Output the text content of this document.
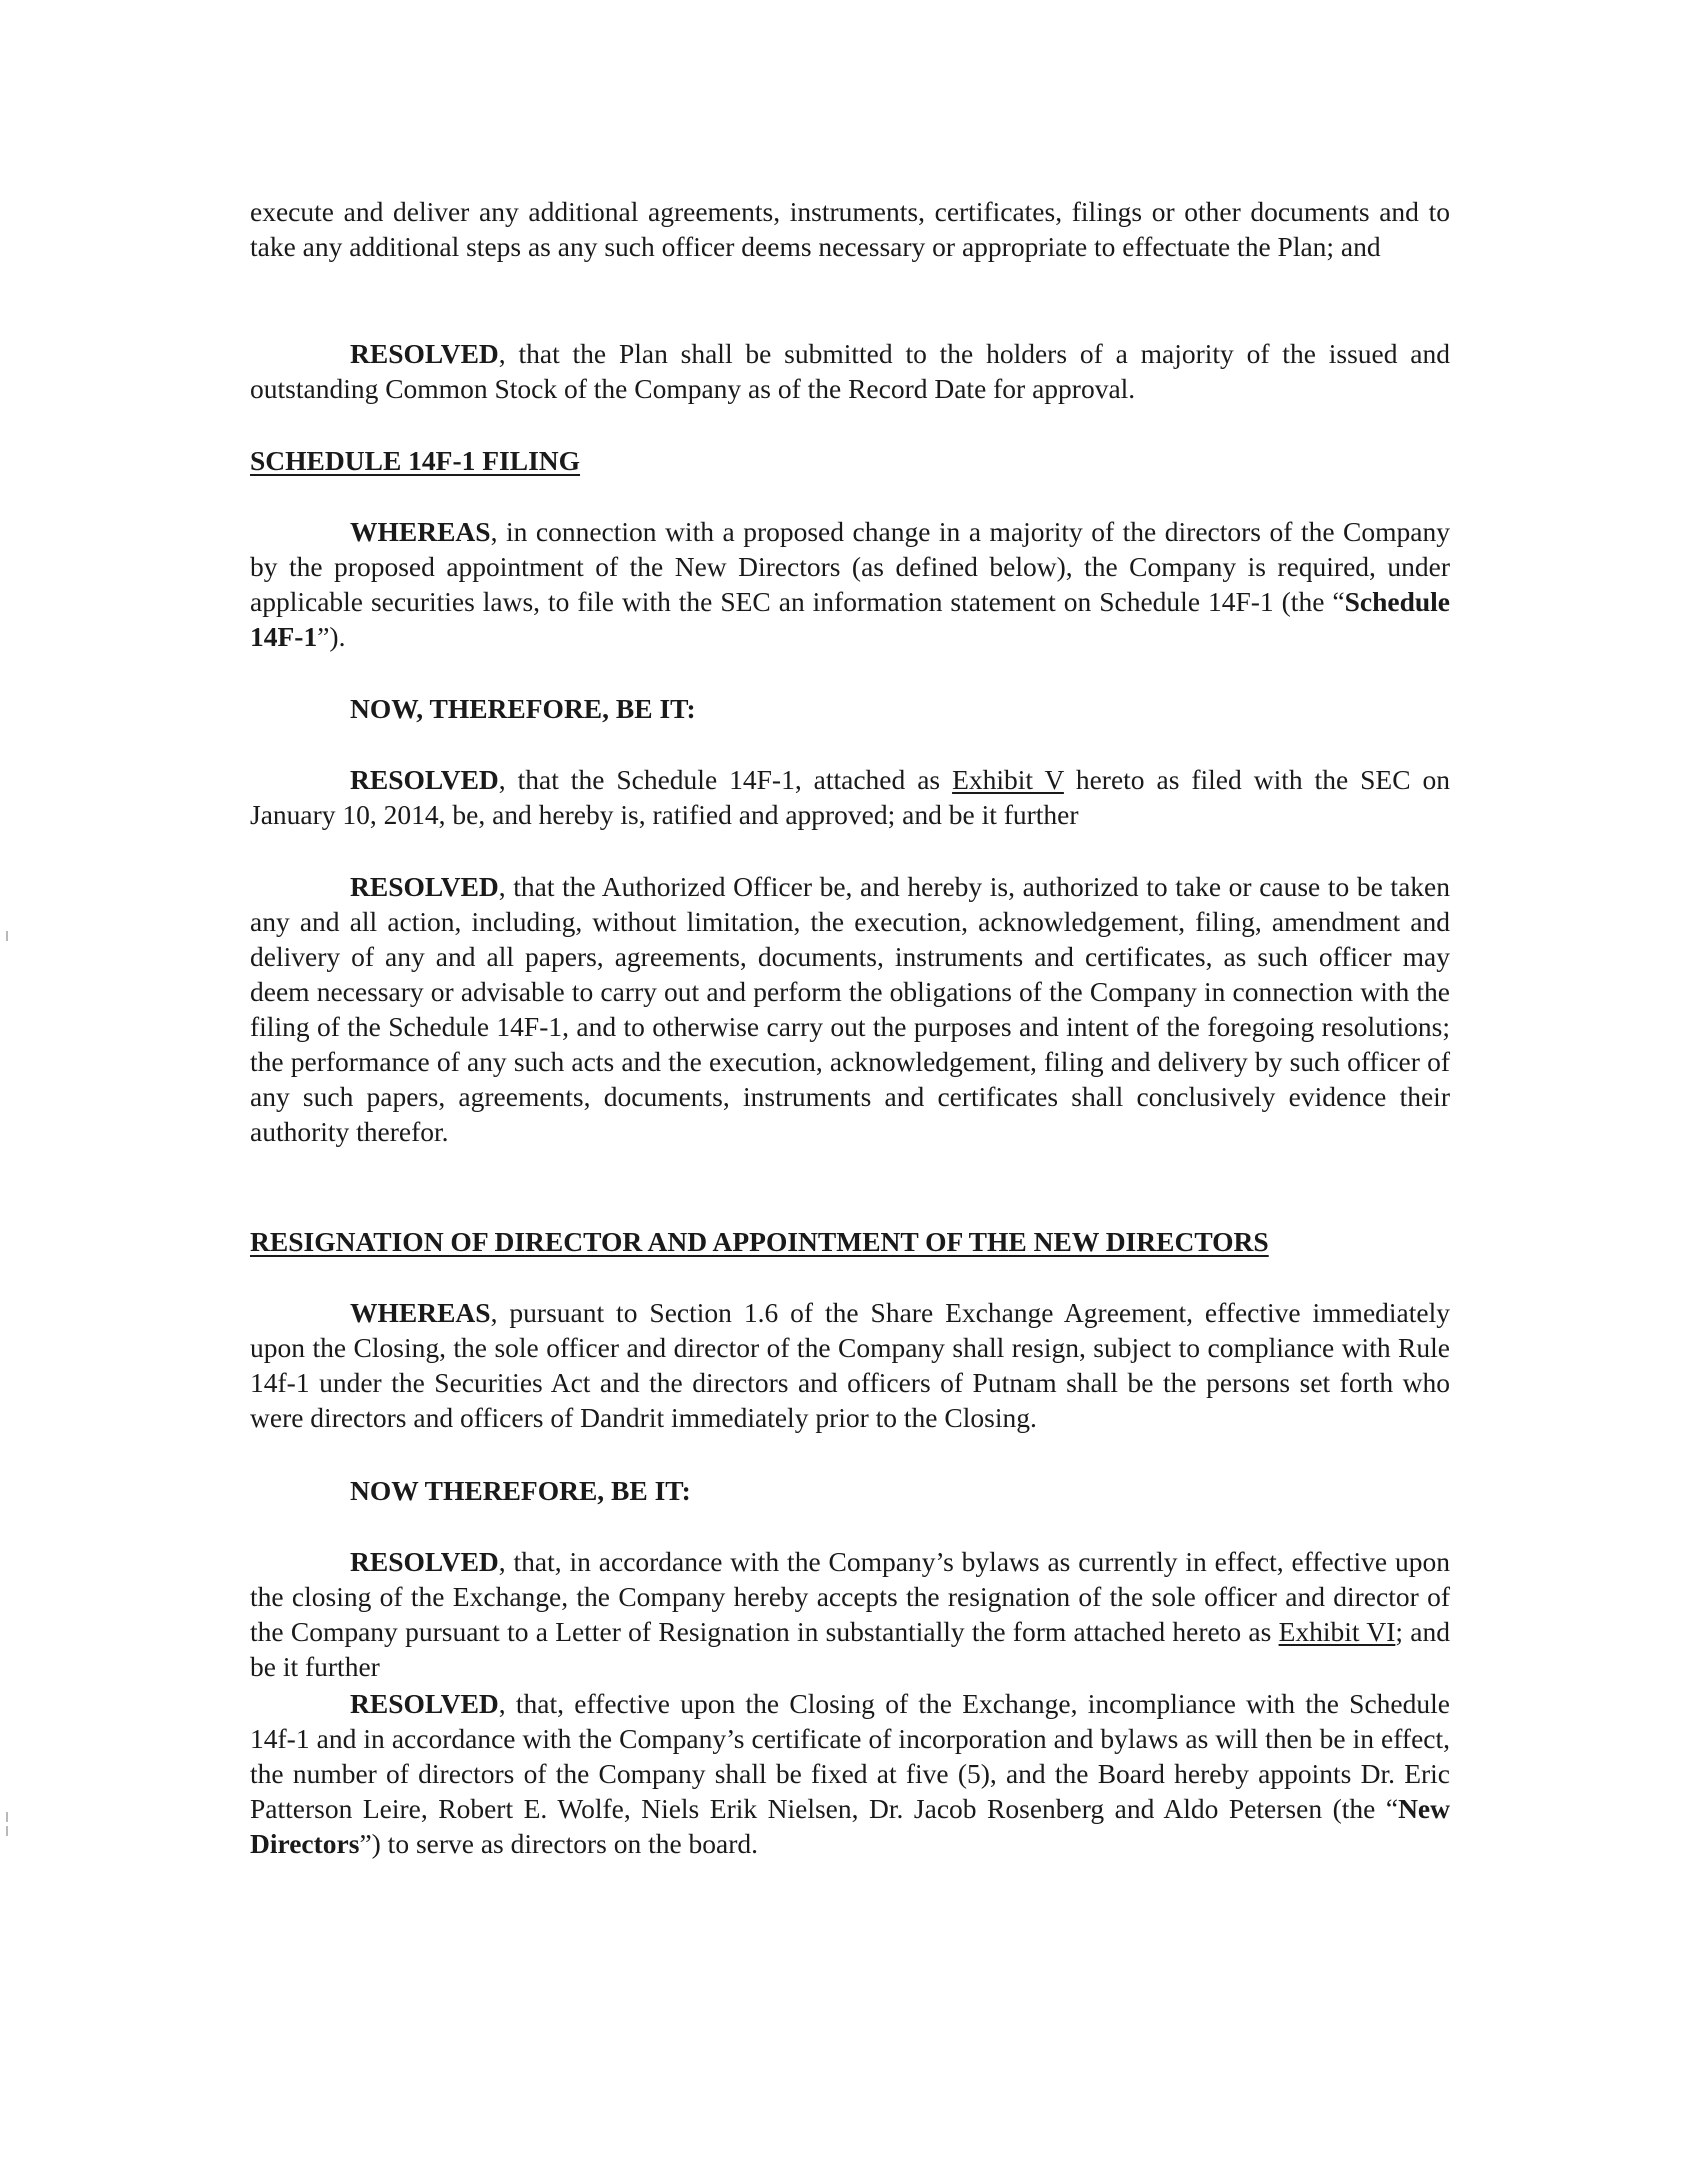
execute and deliver any additional agreements, instruments, certificates, filings or other documents and to take any additional steps as any such officer deems necessary or appropriate to effectuate the Plan; and

RESOLVED, that the Plan shall be submitted to the holders of a majority of the issued and outstanding Common Stock of the Company as of the Record Date for approval.

SCHEDULE 14F-1 FILING

WHEREAS, in connection with a proposed change in a majority of the directors of the Company by the proposed appointment of the New Directors (as defined below), the Company is required, under applicable securities laws, to file with the SEC an information statement on Schedule 14F-1 (the “Schedule 14F-1”).

NOW, THEREFORE, BE IT:

RESOLVED, that the Schedule 14F-1, attached as Exhibit V hereto as filed with the SEC on January 10, 2014, be, and hereby is, ratified and approved; and be it further

RESOLVED, that the Authorized Officer be, and hereby is, authorized to take or cause to be taken any and all action, including, without limitation, the execution, acknowledgement, filing, amendment and delivery of any and all papers, agreements, documents, instruments and certificates, as such officer may deem necessary or advisable to carry out and perform the obligations of the Company in connection with the filing of the Schedule 14F-1, and to otherwise carry out the purposes and intent of the foregoing resolutions; the performance of any such acts and the execution, acknowledgement, filing and delivery by such officer of any such papers, agreements, documents, instruments and certificates shall conclusively evidence their authority therefor.

RESIGNATION OF DIRECTOR AND APPOINTMENT OF THE NEW DIRECTORS

WHEREAS, pursuant to Section 1.6 of the Share Exchange Agreement, effective immediately upon the Closing, the sole officer and director of the Company shall resign, subject to compliance with Rule 14f-1 under the Securities Act and the directors and officers of Putnam shall be the persons set forth who were directors and officers of Dandrit immediately prior to the Closing.

NOW THEREFORE, BE IT:

RESOLVED, that, in accordance with the Company’s bylaws as currently in effect, effective upon the closing of the Exchange, the Company hereby accepts the resignation of the sole officer and director of the Company pursuant to a Letter of Resignation in substantially the form attached hereto as Exhibit VI; and be it further

RESOLVED, that, effective upon the Closing of the Exchange, incompliance with the Schedule 14f-1 and in accordance with the Company’s certificate of incorporation and bylaws as will then be in effect, the number of directors of the Company shall be fixed at five (5), and the Board hereby appoints Dr. Eric Patterson Leire, Robert E. Wolfe, Niels Erik Nielsen, Dr. Jacob Rosenberg and Aldo Petersen (the “New Directors”) to serve as directors on the board.
